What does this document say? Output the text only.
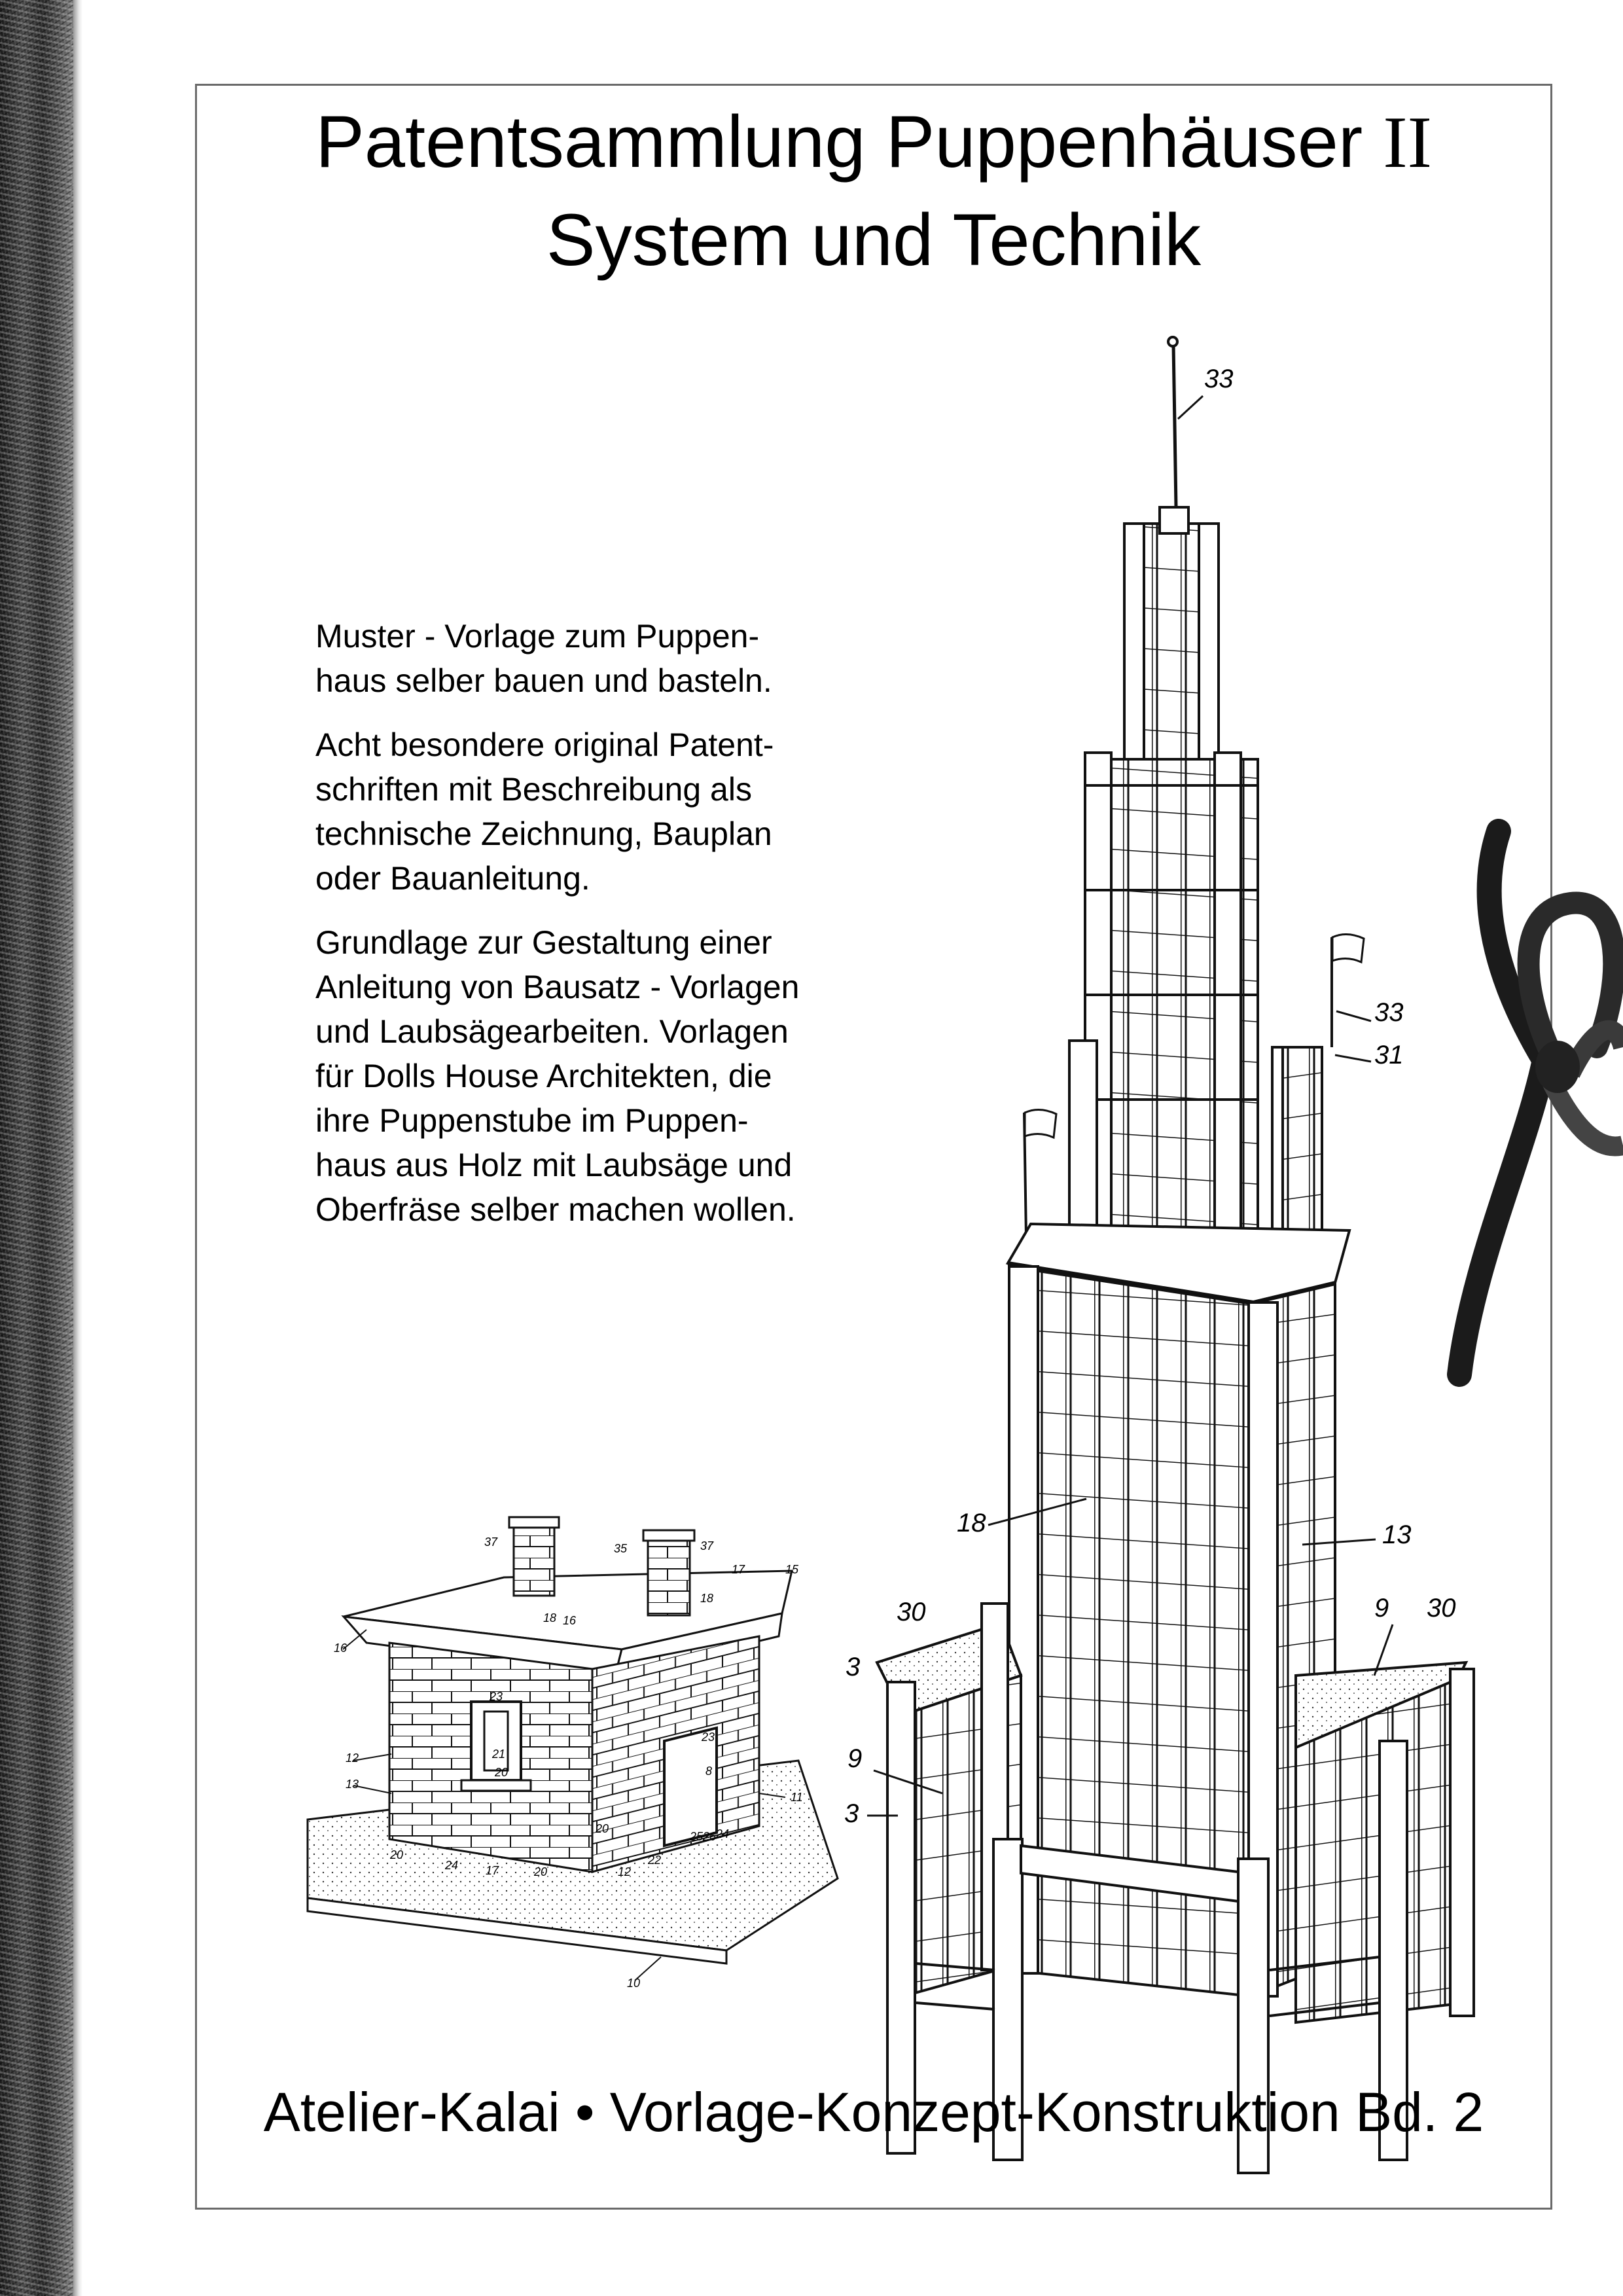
Patentsammlung Puppenhäuser II
System und Technik

Muster - Vorlage zum Puppen-
haus selber bauen und basteln.

Acht besondere original Patent-
schriften mit Beschreibung als
technische Zeichnung, Bauplan
oder Bauanleitung.

Grundlage zur Gestaltung einer
Anleitung von Bausatz - Vorlagen
und Laubsägearbeiten. Vorlagen
für Dolls House Architekten, die
ihre Puppenstube im Puppen-
haus aus Holz mit Laubsäge und
Oberfräse selber machen wollen.

33
33
31
18	13
30	30
9
9
3
3
37	35	37
17	15
16
18 16
18
12
13
23
21
20
23
8
20
24 17	20
20
12
22
25 26 24
11
10
Atelier-Kalai • Vorlage-Konzept-Konstruktion Bd. 2
